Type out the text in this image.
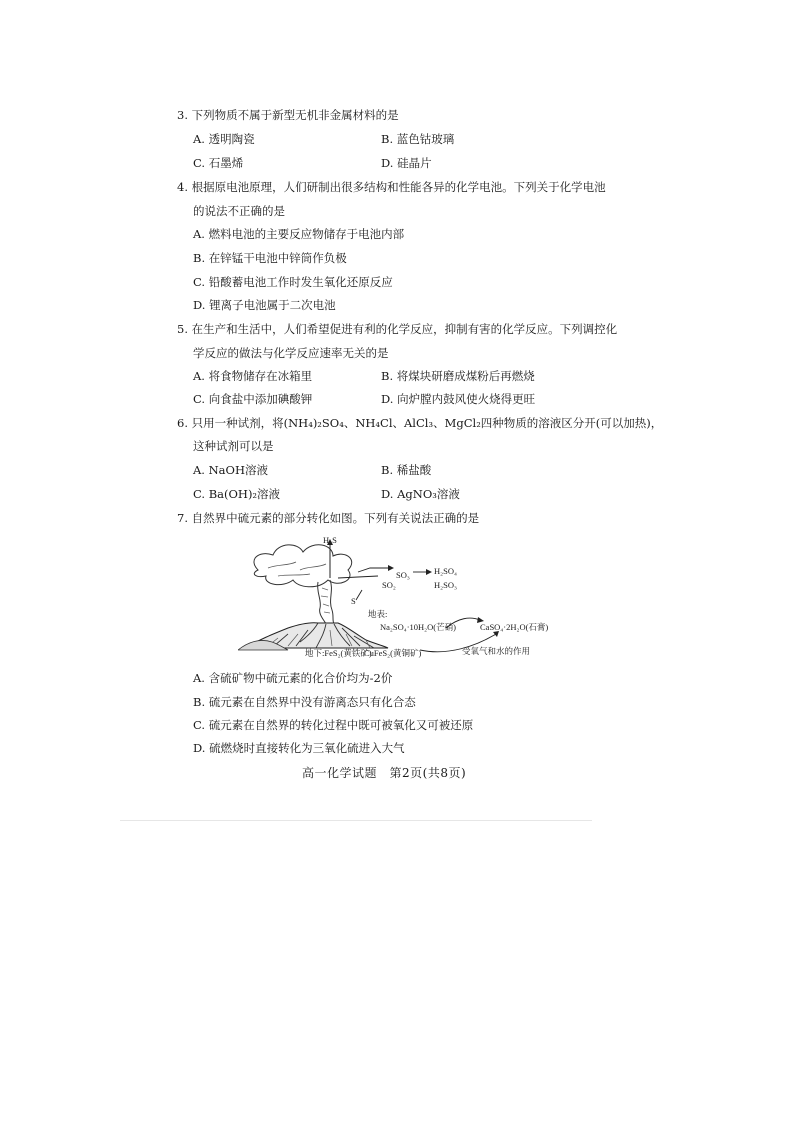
3. 下列物质不属于新型无机非金属材料的是
A. 透明陶瓷	B. 蓝色钴玻璃
C. 石墨烯	D. 硅晶片
4. 根据原电池原理，人们研制出很多结构和性能各异的化学电池。下列关于化学电池
的说法不正确的是
A. 燃料电池的主要反应物储存于电池内部
B. 在锌锰干电池中锌筒作负极
C. 铅酸蓄电池工作时发生氧化还原反应
D. 锂离子电池属于二次电池
5. 在生产和生活中，人们希望促进有利的化学反应，抑制有害的化学反应。下列调控化
学反应的做法与化学反应速率无关的是
A. 将食物储存在冰箱里	B. 将煤块研磨成煤粉后再燃烧
C. 向食盐中添加碘酸钾	D. 向炉膛内鼓风使火烧得更旺
6. 只用一种试剂，将(NH₄)₂SO₄、NH₄Cl、AlCl₃、MgCl₂四种物质的溶液区分开(可以加热)，
这种试剂可以是
A. NaOH溶液	B. 稀盐酸
C. Ba(OH)₂溶液	D. AgNO₃溶液
7. 自然界中硫元素的部分转化如图。下列有关说法正确的是
H₂S
SO₃	H₂SO₄
H₂SO₃
SO₂
S
地表:
Na₂SO₄·10H₂O(芒硝)	CaSO₄·2H₂O(石膏)
地下:FeS₂(黄铁矿)
CuFeS₂(黄铜矿)	受氧气和水的作用
A. 含硫矿物中硫元素的化合价均为-2价
B. 硫元素在自然界中没有游离态只有化合态
C. 硫元素在自然界的转化过程中既可被氧化又可被还原
D. 硫燃烧时直接转化为三氧化硫进入大气
高一化学试题　第2页(共8页)
